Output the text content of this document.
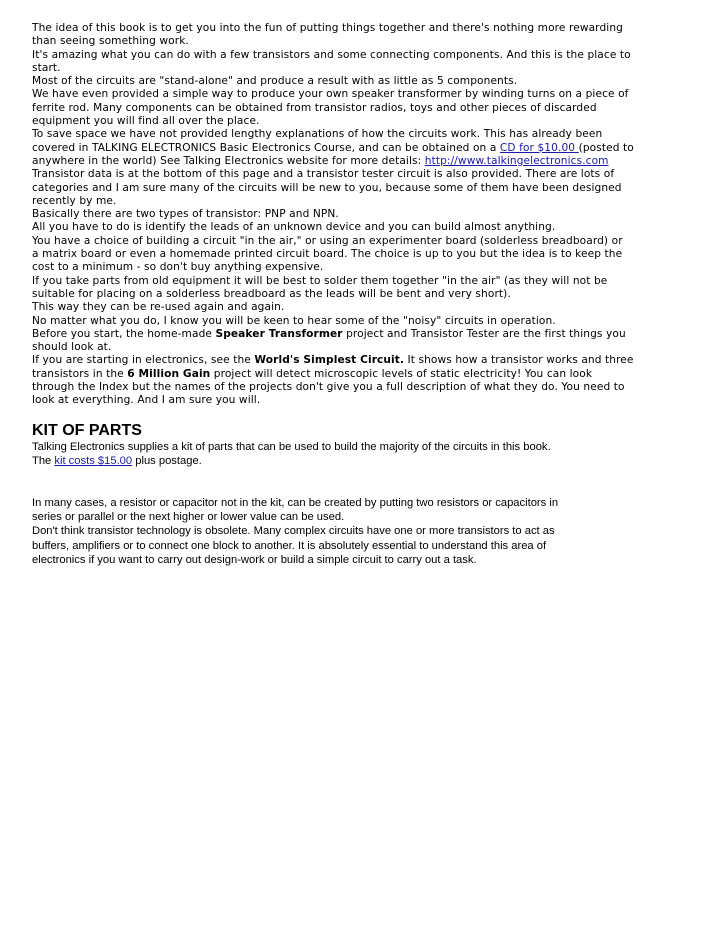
The idea of this book is to get you into the fun of putting things together and there's nothing more rewarding
than seeing something work.
It's amazing what you can do with a few transistors and some connecting components. And this is the place to
start.
Most of the circuits are "stand-alone" and produce a result with as little as 5 components.
We have even provided a simple way to produce your own speaker transformer by winding turns on a piece of
ferrite rod. Many components can be obtained from transistor radios, toys and other pieces of discarded
equipment you will find all over the place.
To save space we have not provided lengthy explanations of how the circuits work. This has already been
covered in TALKING ELECTRONICS Basic Electronics Course, and can be obtained on a CD for $10.00 (posted to
anywhere in the world) See Talking Electronics website for more details: http://www.talkingelectronics.com
Transistor data is at the bottom of this page and a transistor tester circuit is also provided. There are lots of
categories and I am sure many of the circuits will be new to you, because some of them have been designed
recently by me.
Basically there are two types of transistor: PNP and NPN.
All you have to do is identify the leads of an unknown device and you can build almost anything.
You have a choice of building a circuit "in the air," or using an experimenter board (solderless breadboard) or
a matrix board or even a homemade printed circuit board. The choice is up to you but the idea is to keep the
cost to a minimum - so don't buy anything expensive.
If you take parts from old equipment it will be best to solder them together "in the air" (as they will not be
suitable for placing on a solderless breadboard as the leads will be bent and very short).
This way they can be re-used again and again.
No matter what you do, I know you will be keen to hear some of the "noisy" circuits in operation.
Before you start, the home-made Speaker Transformer project and Transistor Tester are the first things you
should look at.
If you are starting in electronics, see the World's Simplest Circuit. It shows how a transistor works and three
transistors in the 6 Million Gain project will detect microscopic levels of static electricity! You can look
through the Index but the names of the projects don't give you a full description of what they do. You need to
look at everything. And I am sure you will.
KIT OF PARTS
Talking Electronics supplies a kit of parts that can be used to build the majority of the circuits in this book.
The kit costs $15.00 plus postage.
In many cases, a resistor or capacitor not in the kit, can be created by putting two resistors or capacitors in
series or parallel or the next higher or lower value can be used.
Don't think transistor technology is obsolete. Many complex circuits have one or more transistors to act as
buffers, amplifiers or to connect one block to another. It is absolutely essential to understand this area of
electronics if you want to carry out design-work or build a simple circuit to carry out a task.
